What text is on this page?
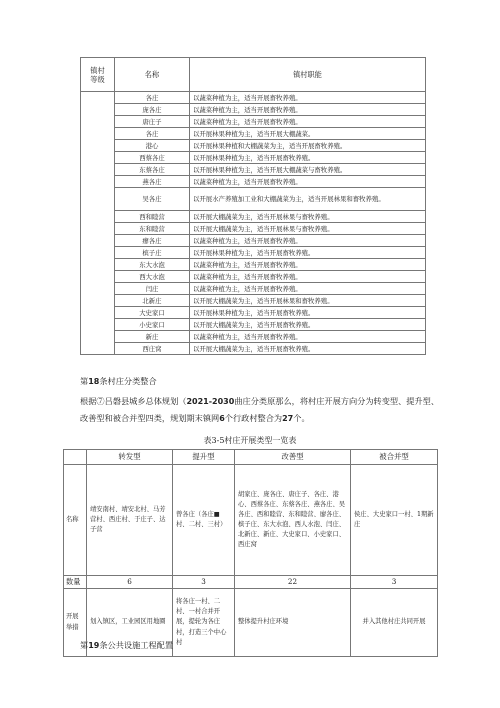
镇村
等级	名称	镇村职能
	各庄	以蔬菜种植为主，适当开展畜牧养殖。
	庞各庄	以蔬菜种植为主，适当开展畜牧养殖。
	唐庄子	以蔬菜种植为主，适当开展畜牧养殖。
	各庄	以开展林果种植为主，适当开展大棚蔬菜。
	港心	以开展林果种植和大棚蔬菜为主，适当开展畜牧养殖。
	西蔡各庄	以开展林果种植为主，适当开展畜牧养殖。
	东蔡各庄	以开展林果种植为主，适当开展大棚蔬菜与畜牧养殖。
	燕各庄	以蔬菜种植为主，适当开展畜牧养殖。
	吴各庄	以开展水产养殖加工业和大棚蔬菜为主，适当开展林果和畜牧养殖。
	西和睦营	以开展大棚蔬菜为主，适当开展林果与畜牧养殖。
	东和睦营	以开展大棚蔬菜为主，适当开展林果与畜牧养殖。
	瘳各庄	以蔬菜种植为主，适当开展畜牧养殖。
	槟子庄	以开展林果种植为主，适当开展畜牧养殖。
	东大水泡	以蔬菜种植为主，适当开展畜牧养殖。
	西大水泡	以蔬菜种植为主，适当开展畜牧养殖。
	闫庄	以蔬菜种植为主，适当开展畜牧养殖。
	北新庄	以开展大棚蔬菜为主，适当开展林果和畜牧养殖。
	大史家口	以开展林果种植为主，适当开展畜牧养殖。
	小史家口	以开展大棚蔬菜为主，适当开展畜牧养殖。
	新庄	以蔬菜种植为主，适当开展畜牧养殖。
	西庄窝	以开展大棚蔬菜为主，适当开展畜牧养殖。

第18条村庄分类整合

根据⑦吕磐县城乡总体规划（2021-2030曲庄分类原那么，将村庄开展方向分为转变型、提升型、改善型和被合并型四类，规划期末镇网6个行政村整合为27个。

表3-5村庄开展类型一览表

	转发型	提升型	改善型	被合并型
名称	靖安南村、靖安北村、马芳营村、西庄村、于庄子、达子营	曾各庄（各庄■村、二村、三村）	胡家庄、庞各庄、唐庄子、各庄、港心、西蔡各庄、东蔡各庄、燕各庄、吴各庄、西和睦营、东和睦营、廖各庄、槟子庄、东大水泡、西人水泡、闫庄、北新庄、新庄、大史家口、小史家口、西庄窝	侯庄、大史家口一村、1期新庄
数量	6	3	22	3
开展举措	划入镇区，工业园区用地圈	将各庄一村、二村、一村合并开展，提轮为各庄村，打造三个中心村	整体提升村庄环境	并入其他村庄共同开展

第19条公共设施工程配置
